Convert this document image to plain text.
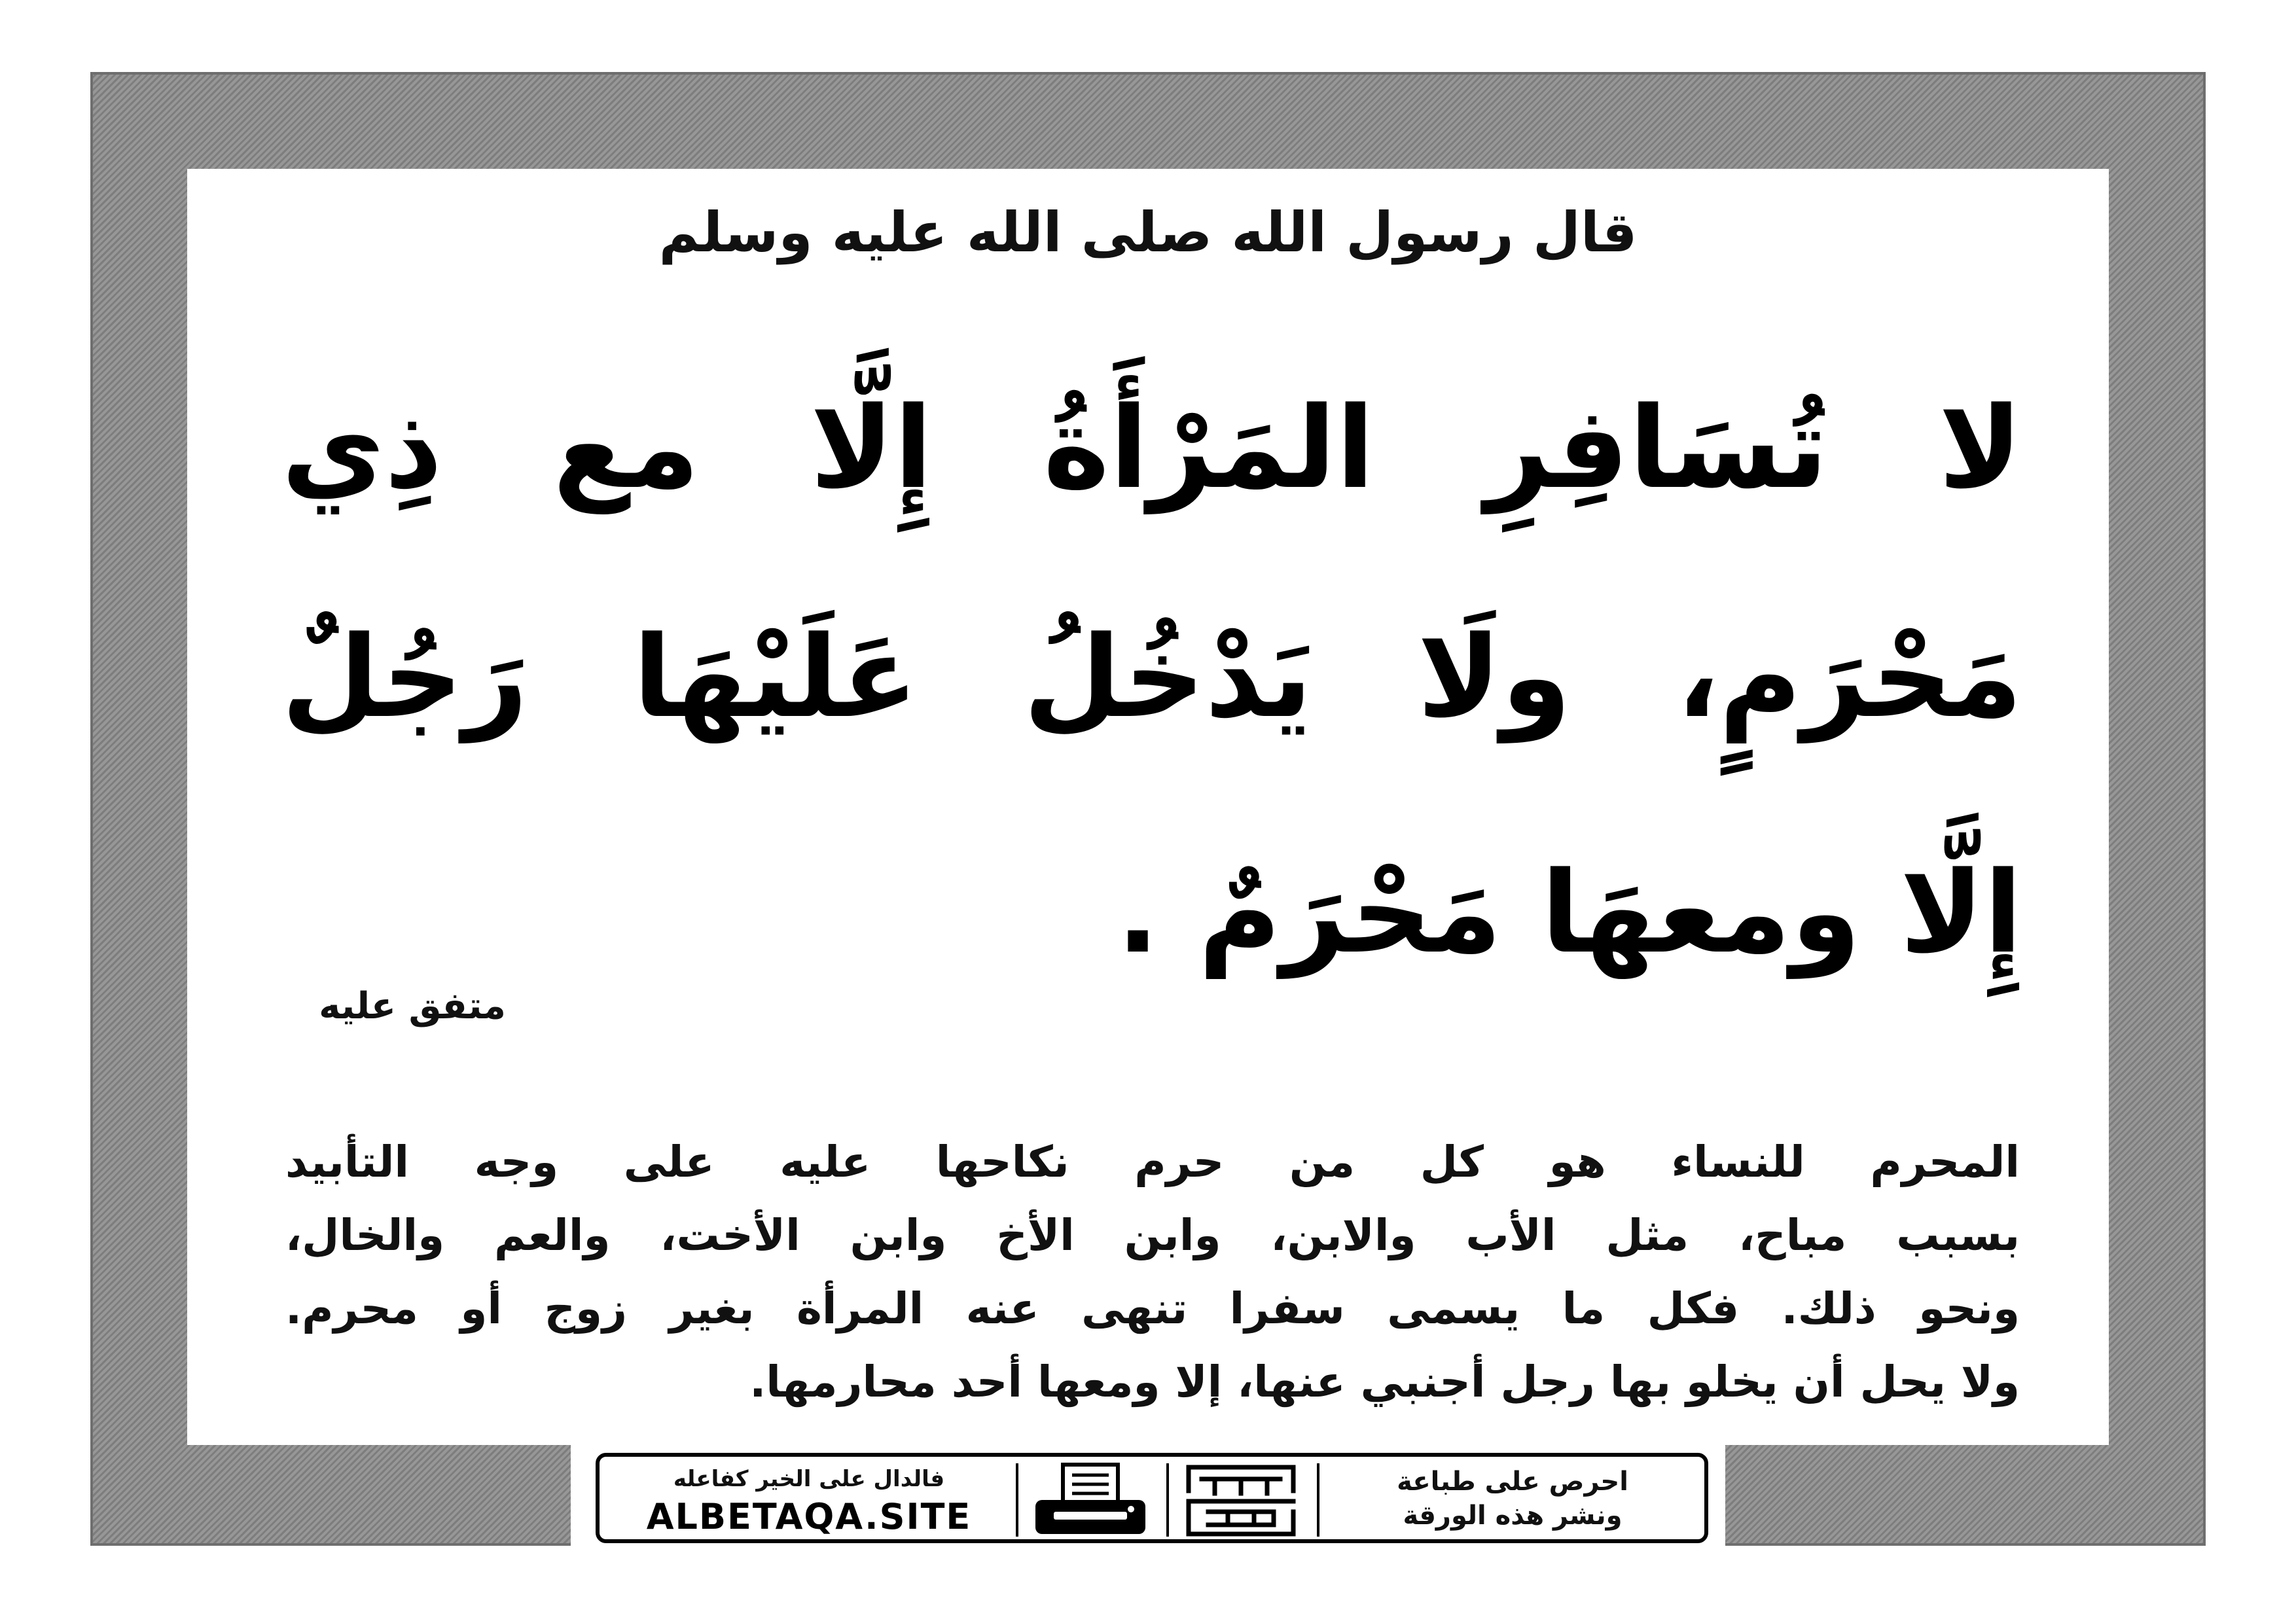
قال رسول الله صلى الله عليه وسلم
لا تُسَافِرِ المَرْأَةُ إِلَّا مع ذِي
مَحْرَمٍ، ولَا يَدْخُلُ عَلَيْهَا رَجُلٌ
إِلَّا ومعهَا مَحْرَمٌ .
متفق عليه
المحرم للنساء هو كل من حرم نكاحها عليه على وجه التأبيد
بسبب مباح، مثل الأب والابن، وابن الأخ وابن الأخت، والعم والخال،
ونحو ذلك. فكل ما يسمى سفرا تنهى عنه المرأة بغير زوج أو محرم.
ولا يحل أن يخلو بها رجل أجنبي عنها، إلا ومعها أحد محارمها.
فالدال على الخير كفاعله
ALBETAQA.SITE
احرص على طباعة
ونشر هذه الورقة
